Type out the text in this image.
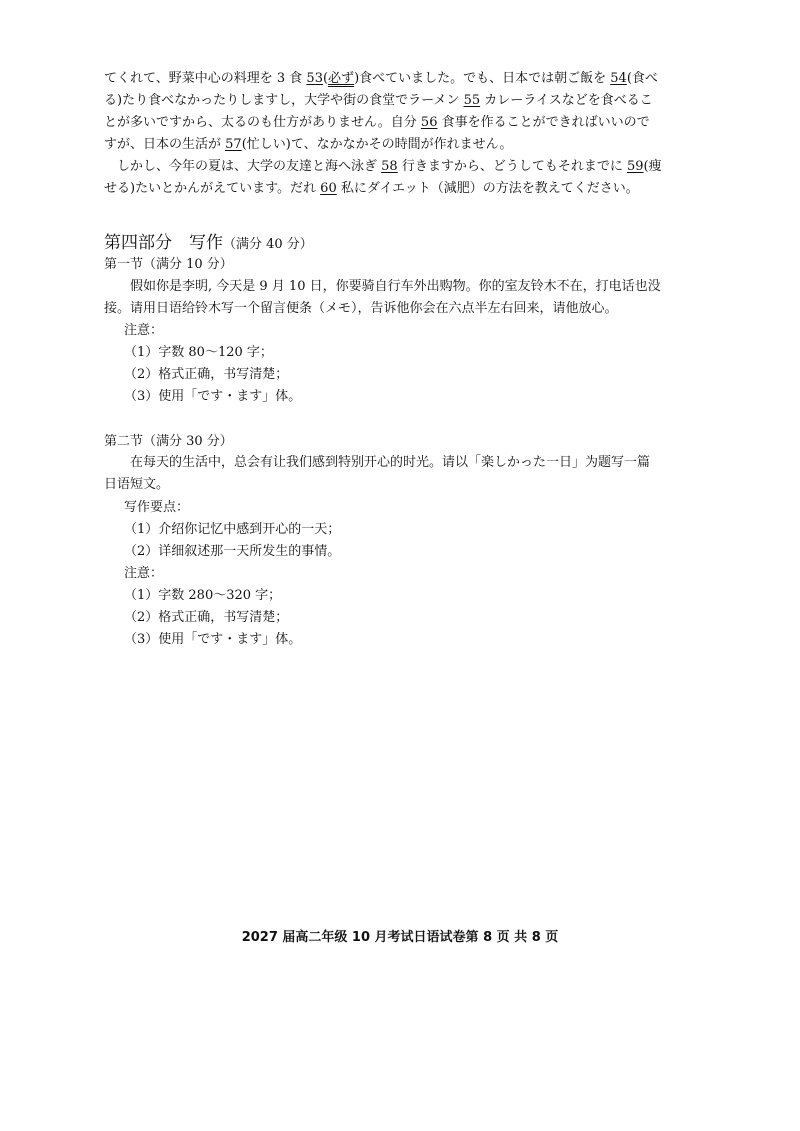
てくれて、野菜中心の料理を 3 食 53(必ず)食べていました。でも、日本では朝ご飯を 54(食べ
る)たり食べなかったりしますし，大学や街の食堂でラーメン 55 カレーライスなどを食べるこ
とが多いですから、太るのも仕方がありません。自分 56 食事を作ることができればいいので
すが、日本の生活が 57(忙しい)て、なかなかその時間が作れません。
しかし、今年の夏は、大学の友達と海へ泳ぎ 58 行きますから、どうしてもそれまでに 59(痩
せる)たいとかんがえています。だれ 60 私にダイエット（減肥）の方法を教えてください。
第四部分　写作（满分 40 分）
第一节（满分 10 分）
假如你是李明, 今天是 9 月 10 日，你要骑自行车外出购物。你的室友铃木不在，打电话也没
接。请用日语给铃木写一个留言便条（メモ），告诉他你会在六点半左右回来，请他放心。
注意：
（1）字数 80～120 字；
（2）格式正确，书写清楚；
（3）使用「です・ます」体。
第二节（满分 30 分）
在每天的生活中，总会有让我们感到特别开心的时光。请以「楽しかった一日」为题写一篇
日语短文。
写作要点：
（1）介绍你记忆中感到开心的一天；
（2）详细叙述那一天所发生的事情。
注意：
（1）字数 280～320 字；
（2）格式正确，书写清楚；
（3）使用「です・ます」体。
2027 届高二年级 10 月考试日语试卷第 8 页 共 8 页
